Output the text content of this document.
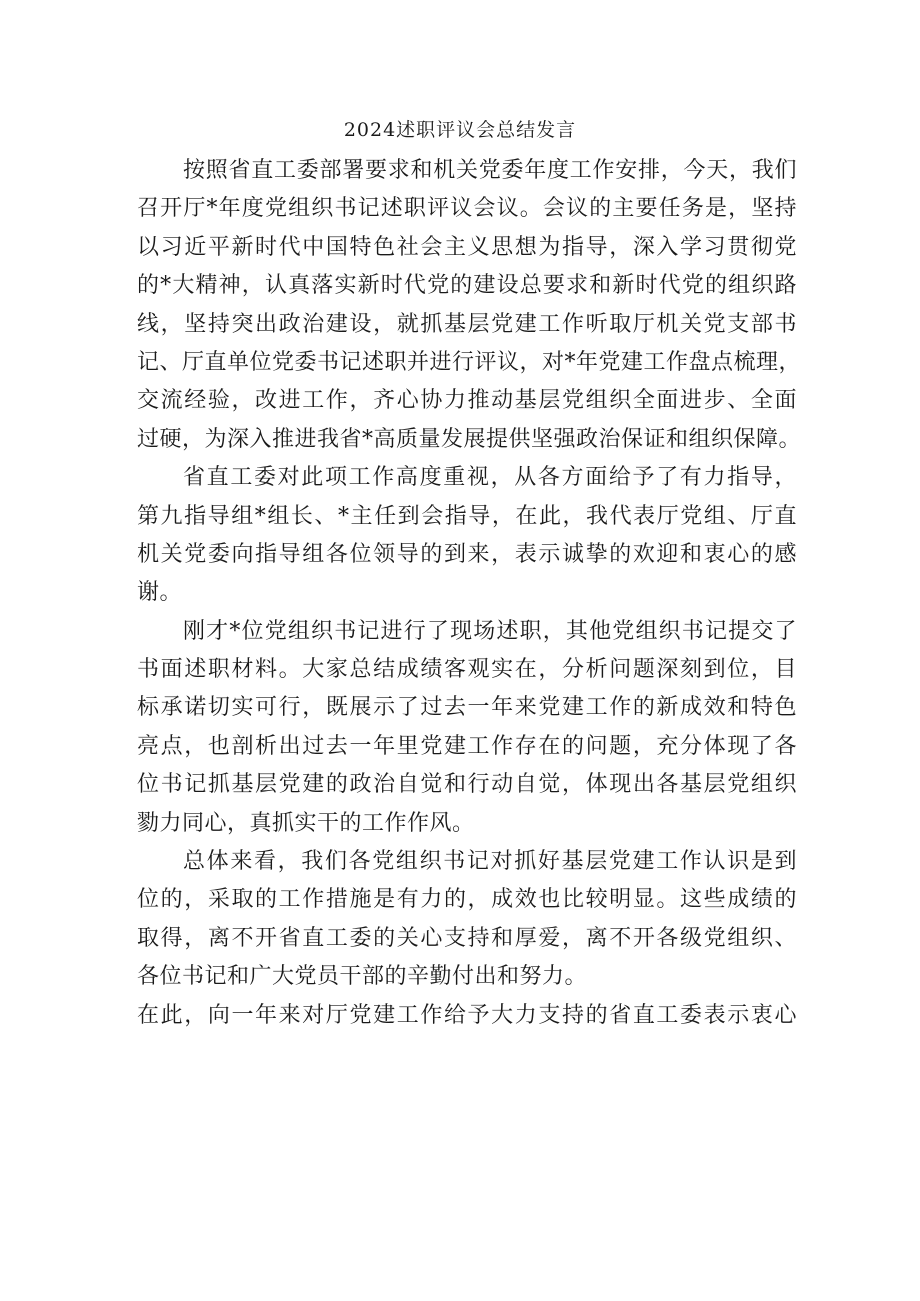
2024述职评议会总结发言
按照省直工委部署要求和机关党委年度工作安排，今天，我们
召开厅*年度党组织书记述职评议会议。会议的主要任务是，坚持
以习近平新时代中国特色社会主义思想为指导，深入学习贯彻党
的*大精神，认真落实新时代党的建设总要求和新时代党的组织路
线，坚持突出政治建设，就抓基层党建工作听取厅机关党支部书
记、厅直单位党委书记述职并进行评议，对*年党建工作盘点梳理，
交流经验，改进工作，齐心协力推动基层党组织全面进步、全面
过硬，为深入推进我省*高质量发展提供坚强政治保证和组织保障。
省直工委对此项工作高度重视，从各方面给予了有力指导，
第九指导组*组长、*主任到会指导，在此，我代表厅党组、厅直
机关党委向指导组各位领导的到来，表示诚挚的欢迎和衷心的感
谢。
刚才*位党组织书记进行了现场述职，其他党组织书记提交了
书面述职材料。大家总结成绩客观实在，分析问题深刻到位，目
标承诺切实可行，既展示了过去一年来党建工作的新成效和特色
亮点，也剖析出过去一年里党建工作存在的问题，充分体现了各
位书记抓基层党建的政治自觉和行动自觉，体现出各基层党组织
勠力同心，真抓实干的工作作风。
总体来看，我们各党组织书记对抓好基层党建工作认识是到
位的，采取的工作措施是有力的，成效也比较明显。这些成绩的
取得，离不开省直工委的关心支持和厚爱，离不开各级党组织、
各位书记和广大党员干部的辛勤付出和努力。
在此，向一年来对厅党建工作给予大力支持的省直工委表示衷心
